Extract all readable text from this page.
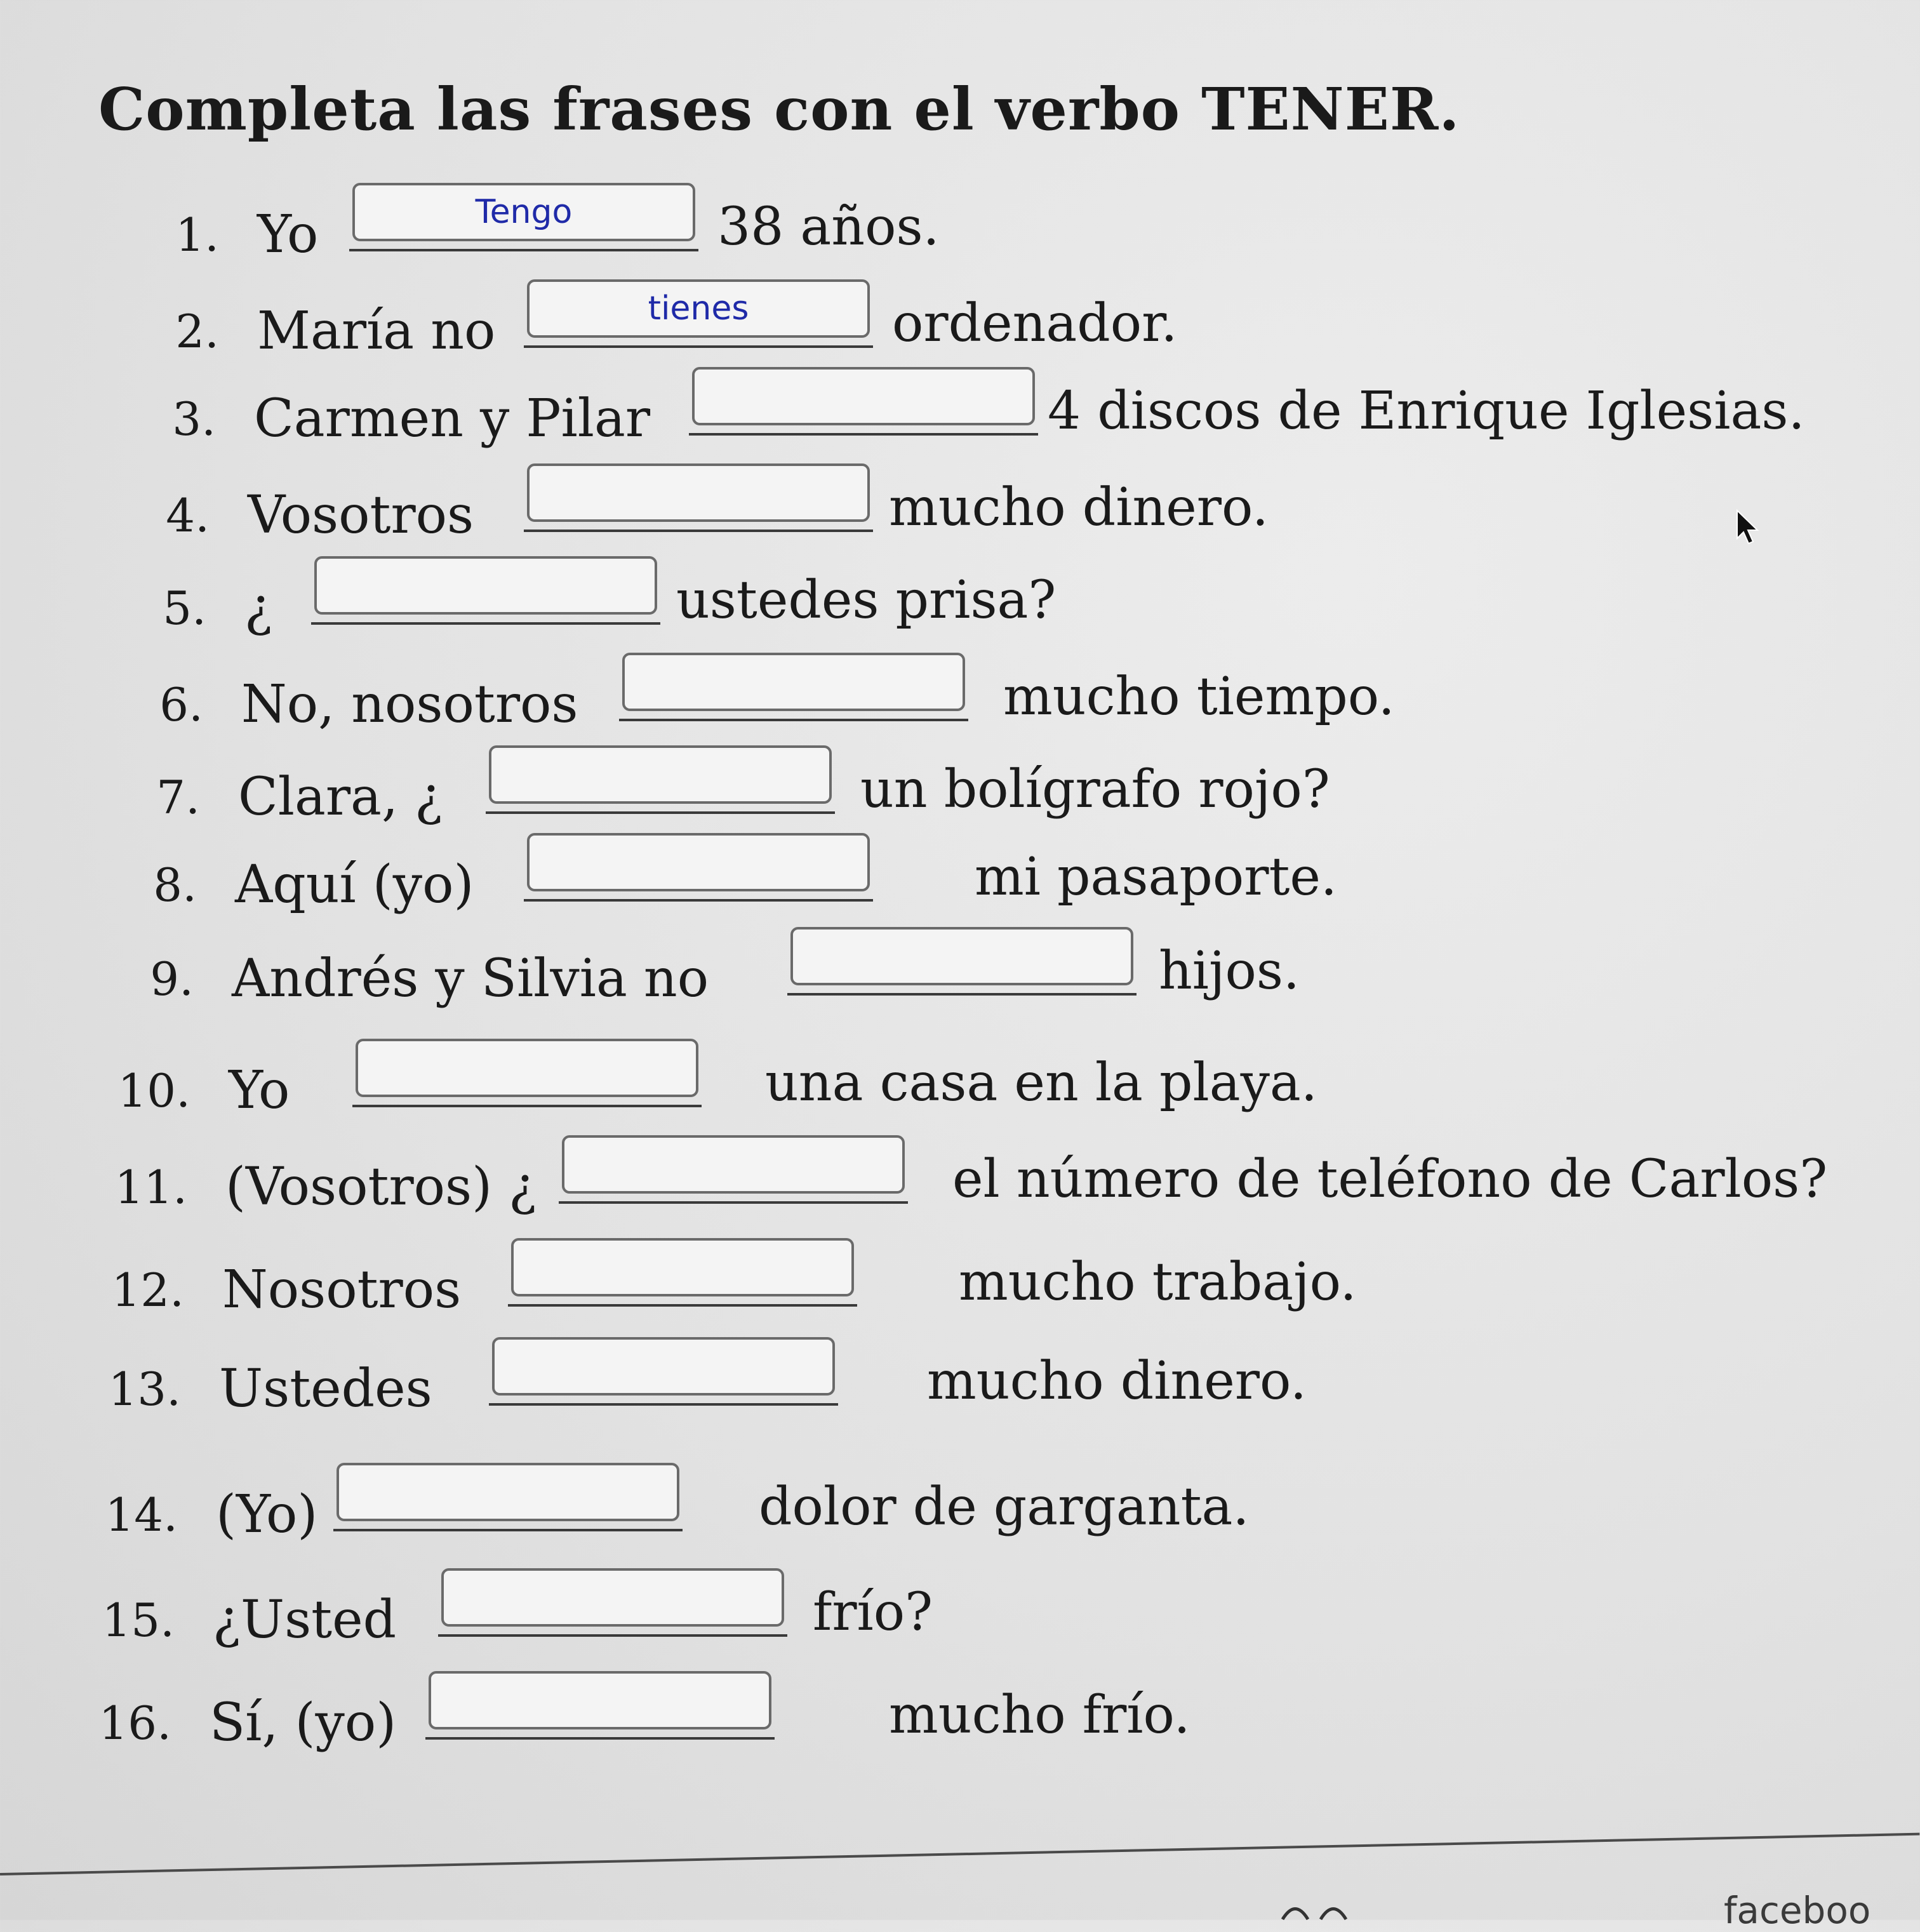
Completa las frases con el verbo TENER.
1. Yo
Tengo	38 años.
2. María no
tienes	ordenador.
3. Carmen y Pilar	4 discos de Enrique Iglesias.
4. Vosotros	mucho dinero.
5. ¿	ustedes prisa?
6. No, nosotros	mucho tiempo.
7. Clara, ¿	un bolígrafo rojo?
8. Aquí (yo)	mi pasaporte.
9. Andrés y Silvia no	hijos.
10. Yo	una casa en la playa.
11. (Vosotros) ¿	el número de teléfono de Carlos?
12. Nosotros	mucho trabajo.
13. Ustedes	mucho dinero.
14. (Yo)	dolor de garganta.
15. ¿Usted	frío?
16. Sí, (yo)	mucho frío.
faceboo
